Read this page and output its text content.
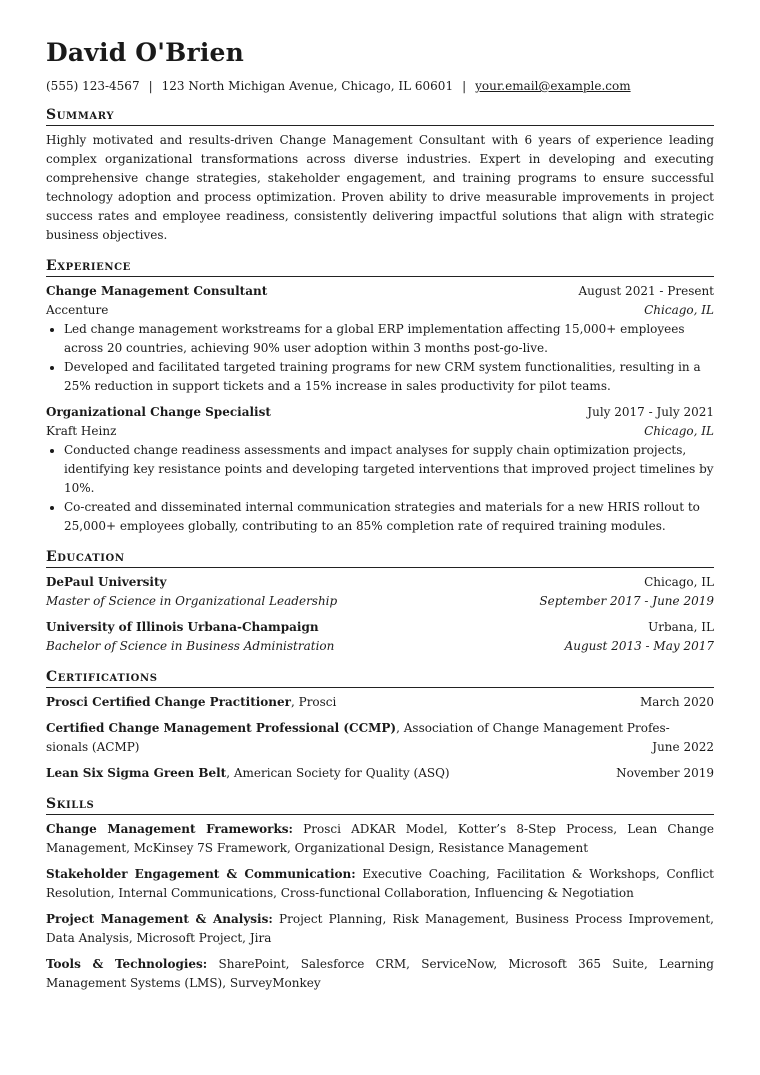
David O'Brien
(555) 123-4567 | 123 North Michigan Avenue, Chicago, IL 60601 | your.email@example.com
Summary
Highly motivated and results-driven Change Management Consultant with 6 years of experience leading complex organizational transformations across diverse industries. Expert in developing and executing comprehensive change strategies, stakeholder engagement, and training programs to ensure successful technology adoption and process optimization. Proven ability to drive measurable improvements in project success rates and employee readiness, consistently delivering impactful solutions that align with strategic business objectives.
Experience
Change Management Consultant	August 2021 - Present
Accenture	Chicago, IL
• Led change management workstreams for a global ERP implementation affecting 15,000+ employees across 20 countries, achieving 90% user adoption within 3 months post-go-live.
• Developed and facilitated targeted training programs for new CRM system functionalities, resulting in a 25% reduction in support tickets and a 15% increase in sales productivity for pilot teams.
Organizational Change Specialist	July 2017 - July 2021
Kraft Heinz	Chicago, IL
• Conducted change readiness assessments and impact analyses for supply chain optimization projects, identifying key resistance points and developing targeted interventions that improved project timelines by 10%.
• Co-created and disseminated internal communication strategies and materials for a new HRIS rollout to 25,000+ employees globally, contributing to an 85% completion rate of required training modules.
Education
DePaul University	Chicago, IL
Master of Science in Organizational Leadership	September 2017 - June 2019
University of Illinois Urbana-Champaign	Urbana, IL
Bachelor of Science in Business Administration	August 2013 - May 2017
Certifications
Prosci Certified Change Practitioner, Prosci	March 2020
Certified Change Management Professional (CCMP), Association of Change Management Profes-
sionals (ACMP)	June 2022
Lean Six Sigma Green Belt, American Society for Quality (ASQ)	November 2019
Skills
Change Management Frameworks: Prosci ADKAR Model, Kotter’s 8-Step Process, Lean Change Management, McKinsey 7S Framework, Organizational Design, Resistance Management
Stakeholder Engagement & Communication: Executive Coaching, Facilitation & Workshops, Conflict Resolution, Internal Communications, Cross-functional Collaboration, Influencing & Negotiation
Project Management & Analysis: Project Planning, Risk Management, Business Process Improvement, Data Analysis, Microsoft Project, Jira
Tools & Technologies: SharePoint, Salesforce CRM, ServiceNow, Microsoft 365 Suite, Learning Management Systems (LMS), SurveyMonkey
